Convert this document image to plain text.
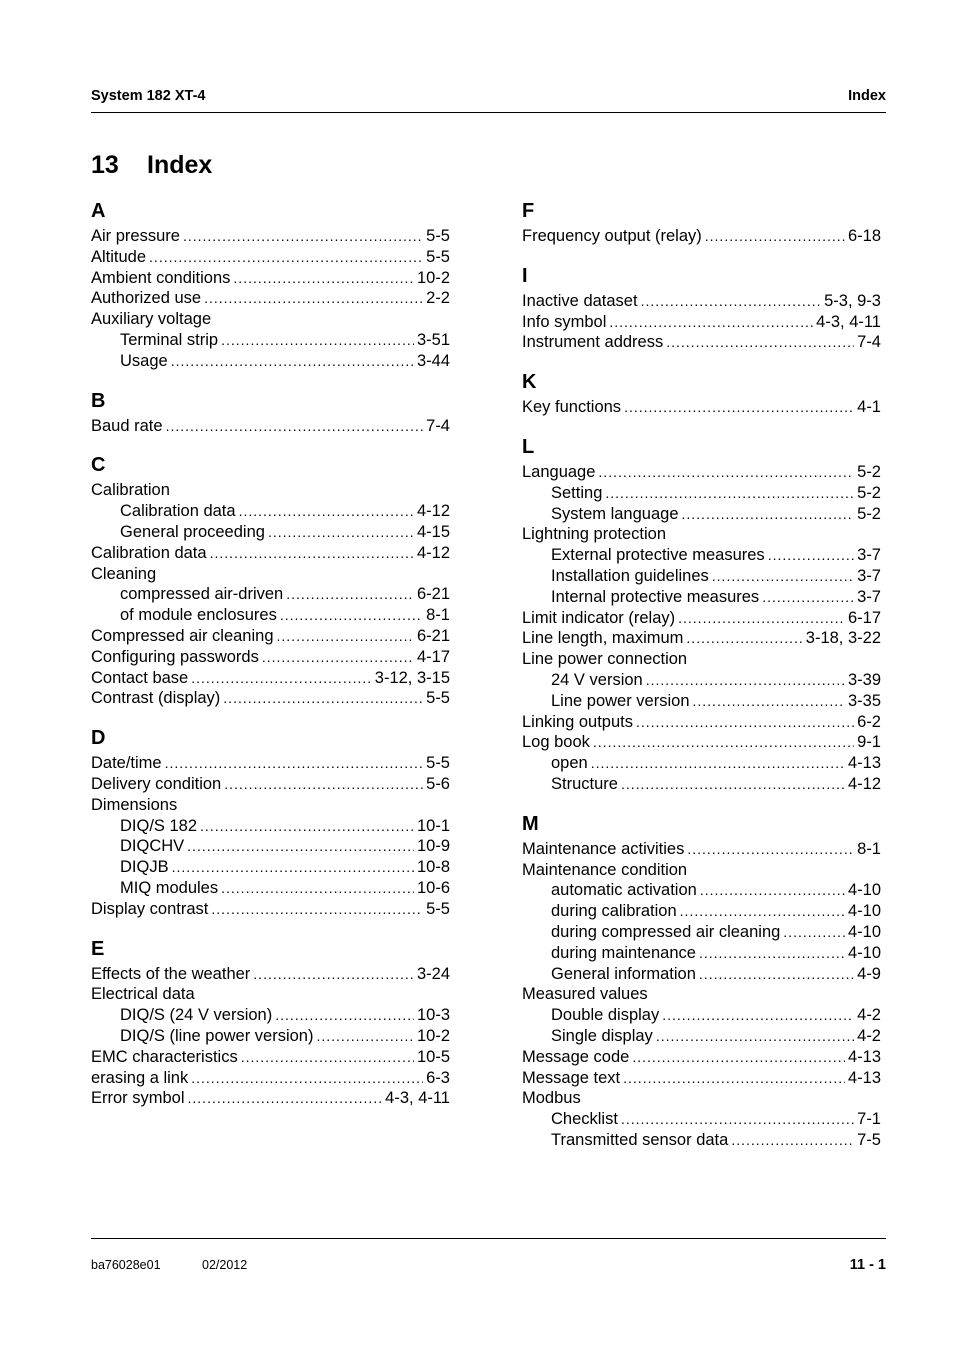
System 182 XT-4	Index
13 Index
A
Air pressure .....	5-5
Altitude .....	5-5
Ambient conditions .....	10-2
Authorized use .....	2-2
Auxiliary voltage
Terminal strip .....	3-51
Usage .....	3-44
B
Baud rate .....	7-4
C
Calibration
Calibration data .....	4-12
General proceeding .....	4-15
Calibration data .....	4-12
Cleaning
compressed air-driven .....	6-21
of module enclosures .....	8-1
Compressed air cleaning .....	6-21
Configuring passwords .....	4-17
Contact base .....	3-12, 3-15
Contrast (display) .....	5-5
D
Date/time .....	5-5
Delivery condition .....	5-6
Dimensions
DIQ/S 182 .....	10-1
DIQCHV .....	10-9
DIQJB .....	10-8
MIQ modules .....	10-6
Display contrast .....	5-5
E
Effects of the weather .....	3-24
Electrical data
DIQ/S (24 V version) .....	10-3
DIQ/S (line power version) .....	10-2
EMC characteristics .....	10-5
erasing a link .....	6-3
Error symbol .....	4-3, 4-11
F
Frequency output (relay) .....	6-18
I
Inactive dataset .....	5-3, 9-3
Info symbol .....	4-3, 4-11
Instrument address .....	7-4
K
Key functions .....	4-1
L
Language .....	5-2
Setting .....	5-2
System language .....	5-2
Lightning protection
External protective measures .....	3-7
Installation guidelines .....	3-7
Internal protective measures .....	3-7
Limit indicator (relay) .....	6-17
Line length, maximum .....	3-18, 3-22
Line power connection
24 V version .....	3-39
Line power version .....	3-35
Linking outputs .....	6-2
Log book .....	9-1
open .....	4-13
Structure .....	4-12
M
Maintenance activities .....	8-1
Maintenance condition
automatic activation .....	4-10
during calibration .....	4-10
during compressed air cleaning .....	4-10
during maintenance .....	4-10
General information .....	4-9
Measured values
Double display .....	4-2
Single display .....	4-2
Message code .....	4-13
Message text .....	4-13
Modbus
Checklist .....	7-1
Transmitted sensor data .....	7-5
ba76028e01	02/2012	11 - 1
